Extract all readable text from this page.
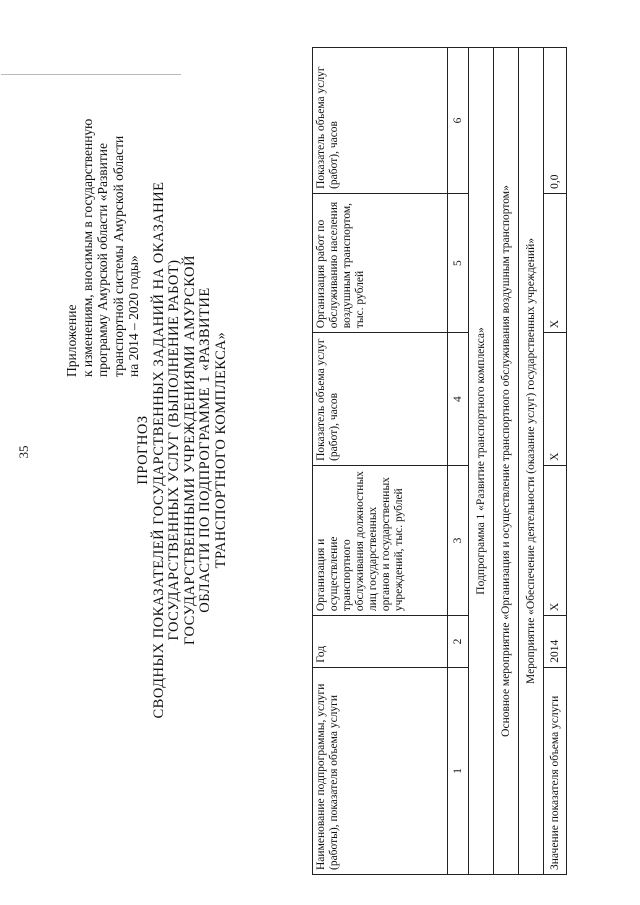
35
Приложение к изменениям, вносимым в государственную программу Амурской области «Развитие транспортной системы Амурской области на 2014 – 2020 годы»
ПРОГНОЗ СВОДНЫХ ПОКАЗАТЕЛЕЙ ГОСУДАРСТВЕННЫХ ЗАДАНИЙ НА ОКАЗАНИЕ ГОСУДАРСТВЕННЫХ УСЛУГ (ВЫПОЛНЕНИЕ РАБОТ) ГОСУДАРСТВЕННЫМИ УЧРЕЖДЕНИЯМИ АМУРСКОЙ ОБЛАСТИ ПО ПОДПРОГРАММЕ 1 «РАЗВИТИЕ ТРАНСПОРТНОГО КОМПЛЕКСА»
Наименование подпрограммы, услуги (работы), показателя объема услуги	Год	Организация и осуществление транспортного обслуживания должностных лиц государственных органов и государственных учреждений, тыс. рублей	Показатель объема услуг (работ), часов	Организация работ по обслуживанию населения воздушным транспортом, тыс. рублей	Показатель объема услуг (работ), часов
1	2	3	4	5	6
Подпрограмма 1 «Развитие транспортного комплекса»					
Основное мероприятие «Организация и осуществление транспортного обслуживания воздушным транспортом»					
Мероприятие «Обеспечение деятельности (оказание услуг) государственных учреждений»					
Значение показателя объема услуги	2014	X	X	X	0,0
